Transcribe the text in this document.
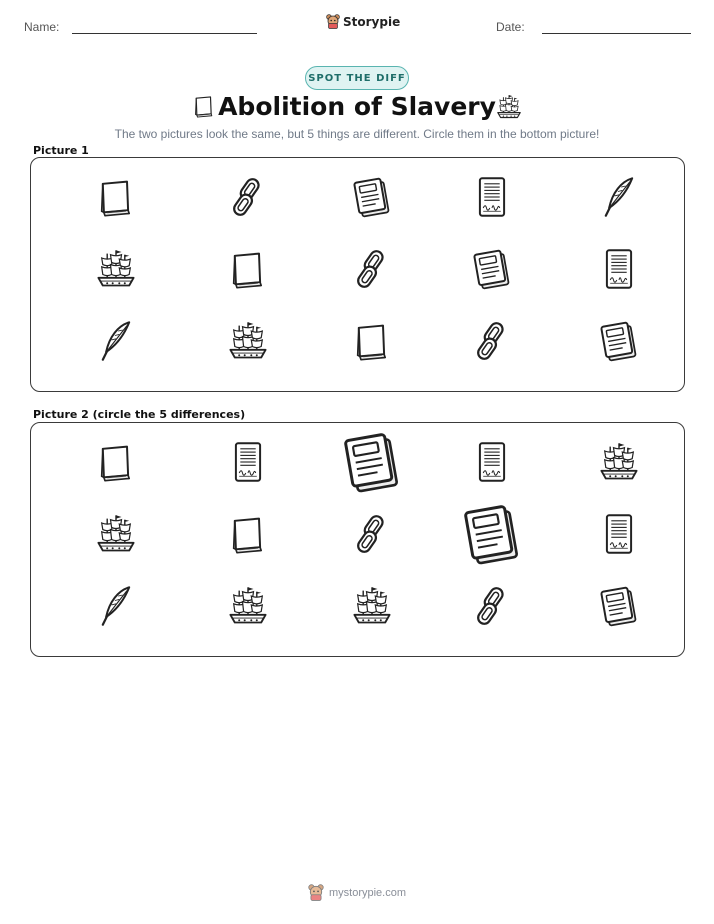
Name:	Storypie	Date:
SPOT THE DIFF
Abolition of Slavery
The two pictures look the same, but 5 things are different. Circle them in the bottom picture!
Picture 1
Picture 2 (circle the 5 differences)
mystorypie.com
